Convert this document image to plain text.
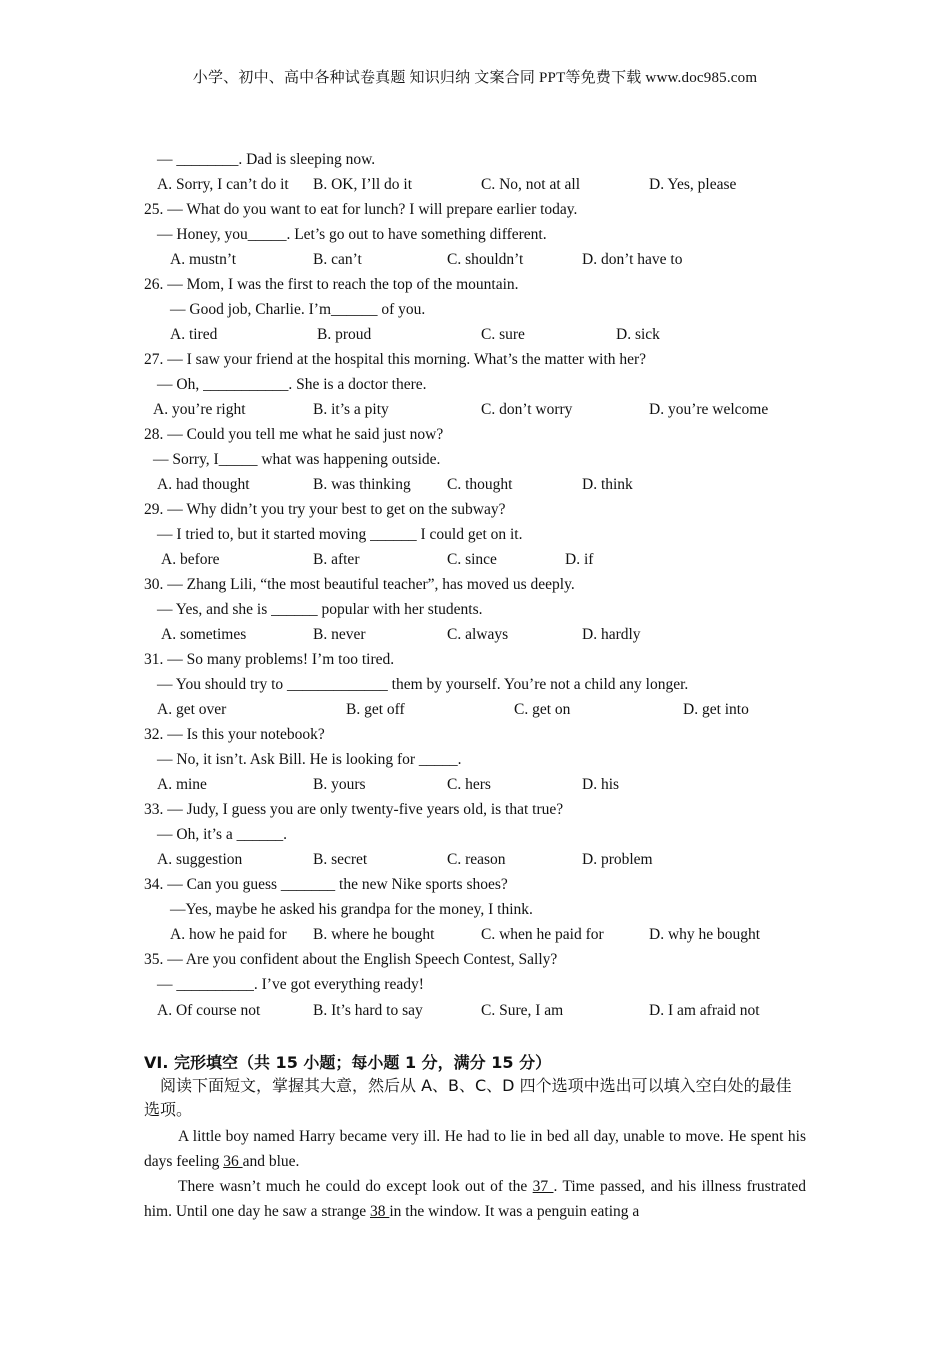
小学、初中、高中各种试卷真题 知识归纳 文案合同 PPT等免费下载 www.doc985.com
— ________. Dad is sleeping now.
A. Sorry, I can’t do it B. OK, I’ll do it	C. No, not at all	D. Yes, please
25. — What do you want to eat for lunch? I will prepare earlier today.
— Honey, you_____. Let’s go out to have something different.
A. mustn’t	B. can’t	C. shouldn’t	D. don’t have to
26. — Mom, I was the first to reach the top of the mountain.
— Good job, Charlie. I’m______ of you.
A. tired	B. proud	C. sure	D. sick
27. — I saw your friend at the hospital this morning. What’s the matter with her?
— Oh, ___________. She is a doctor there.
A. you’re right	B. it’s a pity	C. don’t worry	D. you’re welcome
28. — Could you tell me what he said just now?
— Sorry, I_____ what was happening outside.
A. had thought	B. was thinking C. thought	D. think
29. — Why didn’t you try your best to get on the subway?
— I tried to, but it started moving ______ I could get on it.
A. before	B. after	C. since	D. if
30. — Zhang Lili, “the most beautiful teacher”, has moved us deeply.
— Yes, and she is ______ popular with her students.
A. sometimes	B. never	C. always	D. hardly
31. — So many problems! I’m too tired.
— You should try to _____________ them by yourself. You’re not a child any longer.
A. get over	B. get off	C. get on	D. get into
32. — Is this your notebook?
— No, it isn’t. Ask Bill. He is looking for _____.
A. mine	B. yours	C. hers	D. his
33. — Judy, I guess you are only twenty-five years old, is that true?
— Oh, it’s a ______.
A. suggestion	B. secret	C. reason	D. problem
34. — Can you guess _______ the new Nike sports shoes?
—Yes, maybe he asked his grandpa for the money, I think.
A. how he paid for B. where he bought	C. when he paid for	D. why he bought
35. — Are you confident about the English Speech Contest, Sally?
— __________. I’ve got everything ready!
A. Of course not	B. It’s hard to say	C. Sure, I am	D. I am afraid not
VI. 完形填空（共 15 小题；每小题 1 分，满分 15 分）
阅读下面短文，掌握其大意，然后从 A、B、C、D 四个选项中选出可以填入空白处的最佳选项。
A little boy named Harry became very ill. He had to lie in bed all day, unable to move. He spent his days feeling 36 and blue.
There wasn’t much he could do except look out of the 37 . Time passed, and his illness frustrated him. Until one day he saw a strange 38 in the window. It was a penguin eating a
